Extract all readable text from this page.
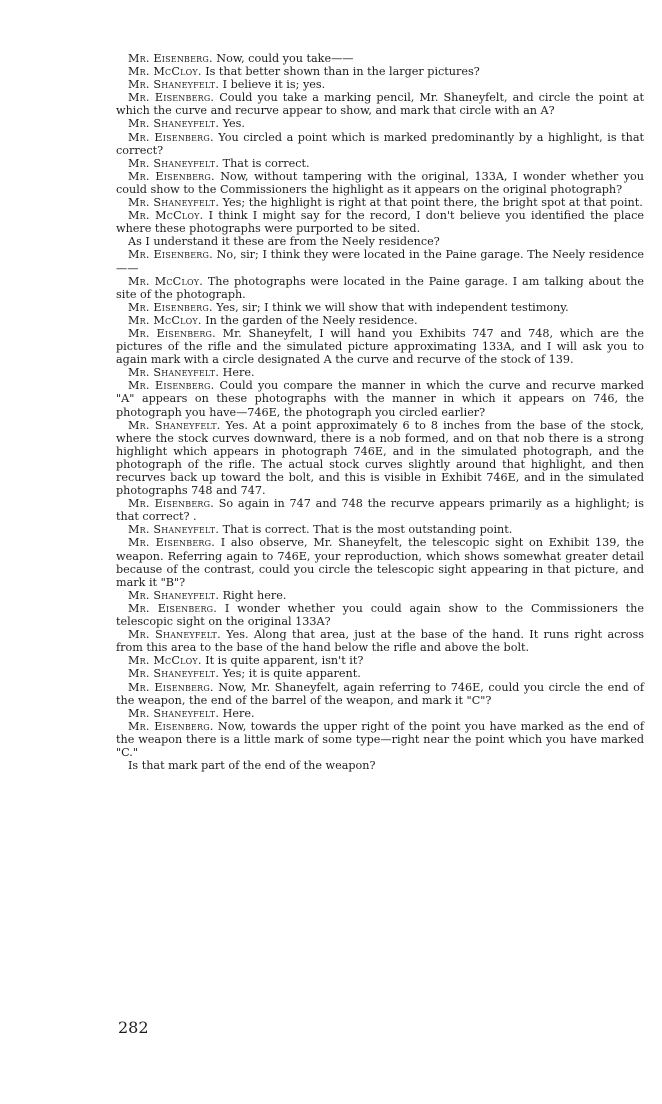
Mr. Eisenberg. Now, could you take——

Mr. McCloy. Is that better shown than in the larger pictures?

Mr. Shaneyfelt. I believe it is; yes.

Mr. Eisenberg. Could you take a marking pencil, Mr. Shaneyfelt, and circle the point at which the curve and recurve appear to show, and mark that circle with an A?

Mr. Shaneyfelt. Yes.

Mr. Eisenberg. You circled a point which is marked predominantly by a highlight, is that correct?

Mr. Shaneyfelt. That is correct.

Mr. Eisenberg. Now, without tampering with the original, 133A, I wonder whether you could show to the Commissioners the highlight as it appears on the original photograph?

Mr. Shaneyfelt. Yes; the highlight is right at that point there, the bright spot at that point.

Mr. McCloy. I think I might say for the record, I don't believe you identified the place where these photographs were purported to be sited.

As I understand it these are from the Neely residence?

Mr. Eisenberg. No, sir; I think they were located in the Paine garage. The Neely residence——

Mr. McCloy. The photographs were located in the Paine garage. I am talking about the site of the photograph.

Mr. Eisenberg. Yes, sir; I think we will show that with independent testimony.

Mr. McCloy. In the garden of the Neely residence.

Mr. Eisenberg. Mr. Shaneyfelt, I will hand you Exhibits 747 and 748, which are the pictures of the rifle and the simulated picture approximating 133A, and I will ask you to again mark with a circle designated A the curve and recurve of the stock of 139.

Mr. Shaneyfelt. Here.

Mr. Eisenberg. Could you compare the manner in which the curve and recurve marked "A" appears on these photographs with the manner in which it appears on 746, the photograph you have—746E, the photograph you circled earlier?

Mr. Shaneyfelt. Yes. At a point approximately 6 to 8 inches from the base of the stock, where the stock curves downward, there is a nob formed, and on that nob there is a strong highlight which appears in photograph 746E, and in the simulated photograph, and the photograph of the rifle. The actual stock curves slightly around that highlight, and then recurves back up toward the bolt, and this is visible in Exhibit 746E, and in the simulated photographs 748 and 747.

Mr. Eisenberg. So again in 747 and 748 the recurve appears primarily as a highlight; is that correct? .

Mr. Shaneyfelt. That is correct. That is the most outstanding point.

Mr. Eisenberg. I also observe, Mr. Shaneyfelt, the telescopic sight on Exhibit 139, the weapon. Referring again to 746E, your reproduction, which shows somewhat greater detail because of the contrast, could you circle the telescopic sight appearing in that picture, and mark it "B"?

Mr. Shaneyfelt. Right here.

Mr. Eisenberg. I wonder whether you could again show to the Commissioners the telescopic sight on the original 133A?

Mr. Shaneyfelt. Yes. Along that area, just at the base of the hand. It runs right across from this area to the base of the hand below the rifle and above the bolt.

Mr. McCloy. It is quite apparent, isn't it?

Mr. Shaneyfelt. Yes; it is quite apparent.

Mr. Eisenberg. Now, Mr. Shaneyfelt, again referring to 746E, could you circle the end of the weapon, the end of the barrel of the weapon, and mark it "C"?

Mr. Shaneyfelt. Here.

Mr. Eisenberg. Now, towards the upper right of the point you have marked as the end of the weapon there is a little mark of some type—right near the point which you have marked "C."

Is that mark part of the end of the weapon?

282
